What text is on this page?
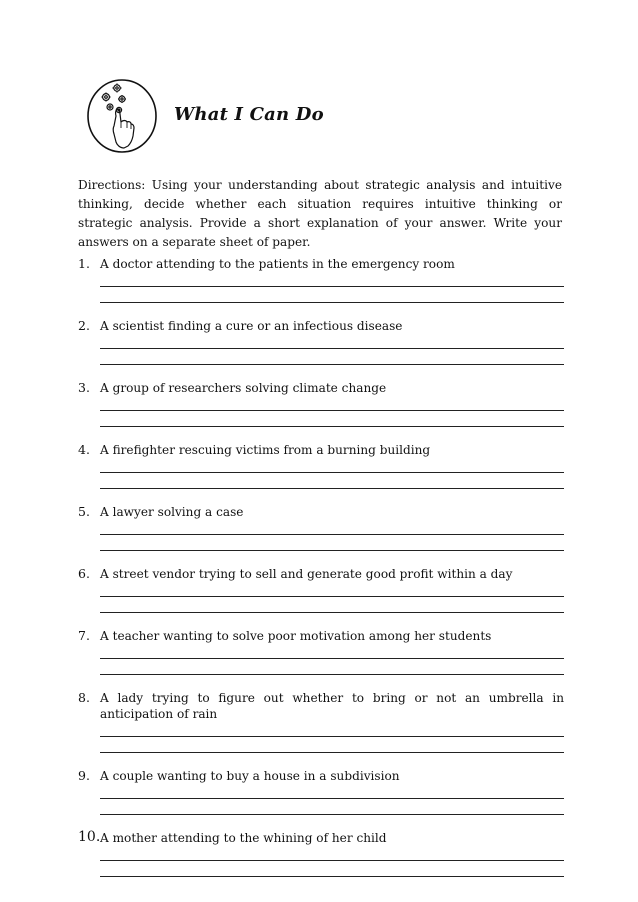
What I Can Do

Directions: Using your understanding about strategic analysis and intuitive thinking, decide whether each situation requires intuitive thinking or strategic analysis. Provide a short explanation of your answer. Write your answers on a separate sheet of paper.

1. A doctor attending to the patients in the emergency room
2. A scientist finding a cure or an infectious disease
3. A group of researchers solving climate change
4. A firefighter rescuing victims from a burning building
5. A lawyer solving a case
6. A street vendor trying to sell and generate good profit within a day
7. A teacher wanting to solve poor motivation among her students
8. A lady trying to figure out whether to bring or not an umbrella in anticipation of rain
9. A couple wanting to buy a house in a subdivision
10. A mother attending to the whining of her child
